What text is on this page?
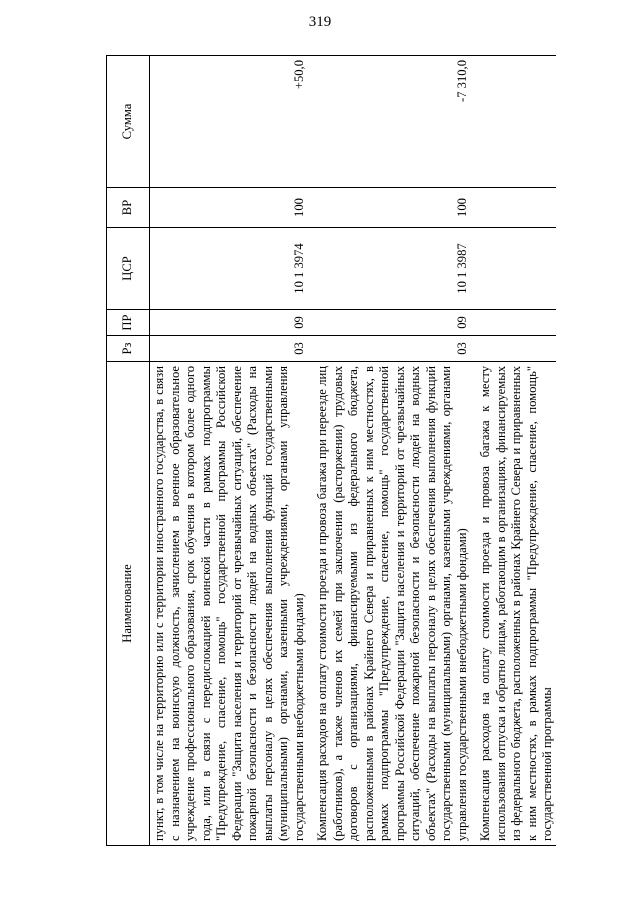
319
Наименование	Рз	ПР	ЦСР	ВР	Сумма
пункт, в том числе на территорию или с территории иностранного государства, в связи с назначением на воинскую должность, зачислением в военное образовательное учреждение профессионального образования, срок обучения в котором более одного года, или в связи с передислокацией воинской части в рамках подпрограммы "Предупреждение, спасение, помощь" государственной программы Российской Федерации "Защита населения и территорий от чрезвычайных ситуаций, обеспечение пожарной безопасности и безопасности людей на водных объектах" (Расходы на выплаты персоналу в целях обеспечения выполнения функций государственными (муниципальными) органами, казенными учреждениями, органами управления государственными внебюджетными фондами)	03	09	10 1 3974	100	+50,0

Компенсация расходов на оплату стоимости проезда и провоза багажа при переезде лиц (работников), а также членов их семей при заключении (расторжении) трудовых договоров с организациями, финансируемыми из федерального бюджета, расположенными в районах Крайнего Севера и приравненных к ним местностях, в рамках подпрограммы "Предупреждение, спасение, помощь" государственной программы Российской Федерации "Защита населения и территорий от чрезвычайных ситуаций, обеспечение пожарной безопасности и безопасности людей на водных объектах" (Расходы на выплаты персоналу в целях обеспечения выполнения функций государственными (муниципальными) органами, казенными учреждениями, органами управления государственными внебюджетными фондами)	03	09	10 1 3987	100	-7 310,0

Компенсация расходов на оплату стоимости проезда и провоза багажа к месту использования отпуска и обратно лицам, работающим в организациях, финансируемых из федерального бюджета, расположенных в районах Крайнего Севера и приравненных к ним местностях, в рамках подпрограммы "Предупреждение, спасение, помощь" государственной программы					
